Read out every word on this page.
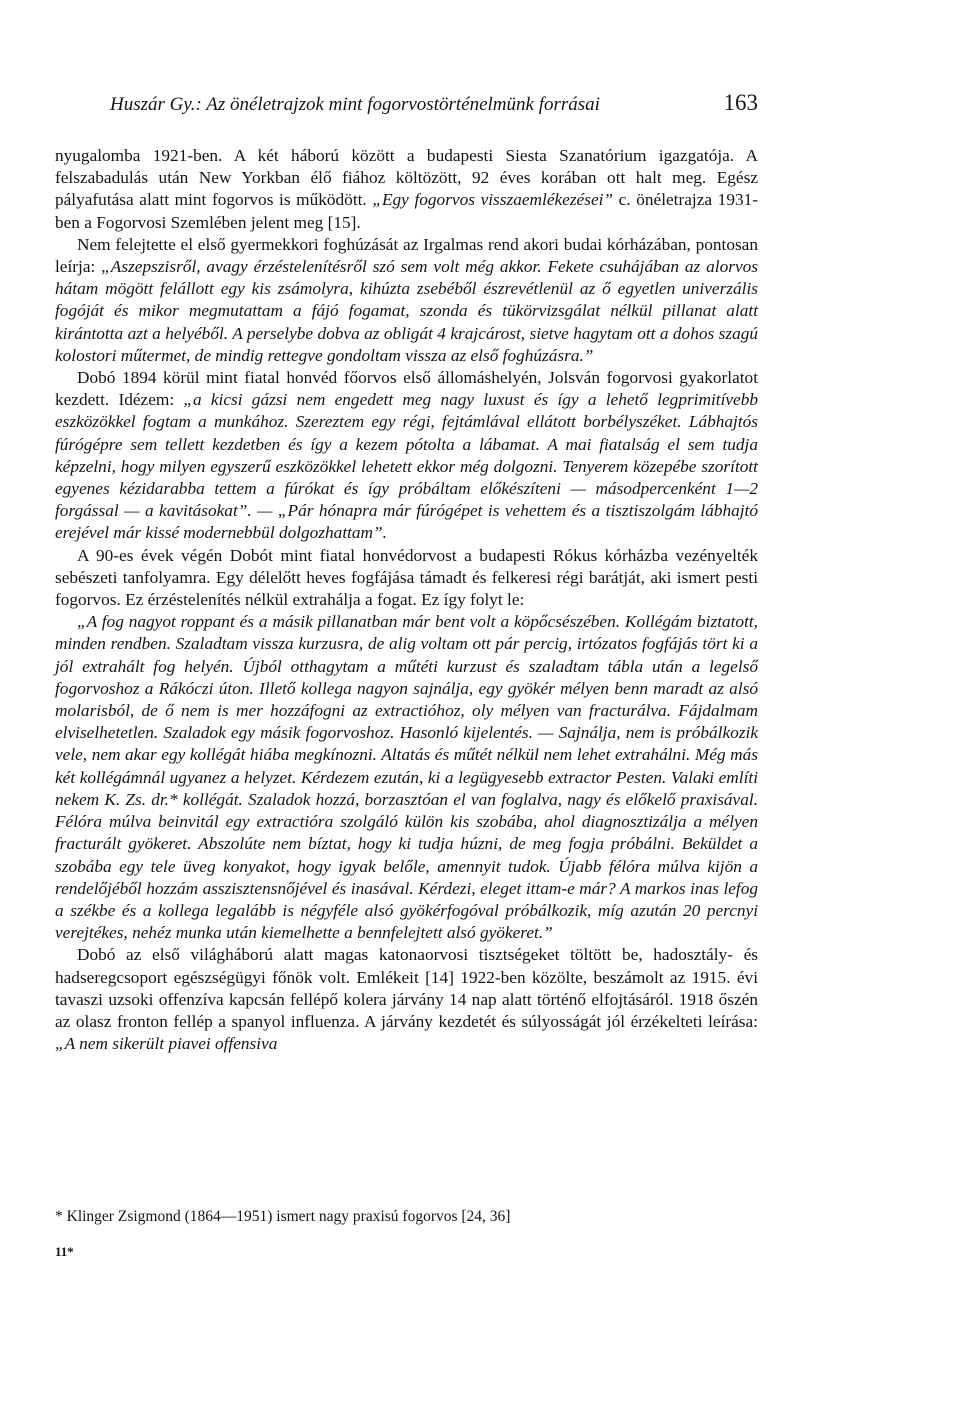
Huszár Gy.: Az önéletrajzok mint fogorvostörténelmünk forrásai	163

nyugalomba 1921-ben. A két háború között a budapesti Siesta Szanatórium igazgatója. A felszabadulás után New Yorkban élő fiához költözött, 92 éves korában ott halt meg. Egész pályafutása alatt mint fogorvos is működött. „Egy fogorvos visszaemlékezései” c. önéletrajza 1931-ben a Fogorvosi Szemlében jelent meg [15].

Nem felejtette el első gyermekkori foghúzását az Irgalmas rend akori budai kórházában, pontosan leírja: „Aszepszisről, avagy érzéstelenítésről szó sem volt még akkor. Fekete csuhájában az alorvos hátam mögött felállott egy kis zsámolyra, kihúzta zsebéből észrevétlenül az ő egyetlen univerzális fogóját és mikor megmutattam a fájó fogamat, szonda és tükörvizsgálat nélkül pillanat alatt kirántotta azt a helyéből. A perselybe dobva az obligát 4 krajcárost, sietve hagytam ott a dohos szagú kolostori műtermet, de mindig rettegve gondoltam vissza az első foghúzásra.”

Dobó 1894 körül mint fiatal honvéd főorvos első állomáshelyén, Jolsván fogorvosi gyakorlatot kezdett. Idézem: „a kicsi gázsi nem engedett meg nagy luxust és így a lehető legprimitívebb eszközökkel fogtam a munkához. Szereztem egy régi, fejtámlával ellátott borbélyszéket. Lábhajtós fúrógépre sem tellett kezdetben és így a kezem pótolta a lábamat. A mai fiatalság el sem tudja képzelni, hogy milyen egyszerű eszközökkel lehetett ekkor még dolgozni. Tenyerem közepébe szorított egyenes kézidarabba tettem a fúrókat és így próbáltam előkészíteni — másodpercenként 1—2 forgással — a kavitásokat”. — „Pár hónapra már fúrógépet is vehettem és a tisztiszolgám lábhajtó erejével már kissé modernebbül dolgozhattam”.

A 90-es évek végén Dobót mint fiatal honvédorvost a budapesti Rókus kórházba vezényelték sebészeti tanfolyamra. Egy délelőtt heves fogfájása támadt és felkeresi régi barátját, aki ismert pesti fogorvos. Ez érzéstelenítés nélkül extrahálja a fogat. Ez így folyt le:

„A fog nagyot roppant és a másik pillanatban már bent volt a köpőcsészében. Kollégám biztatott, minden rendben. Szaladtam vissza kurzusra, de alig voltam ott pár percig, irtózatos fogfájás tört ki a jól extrahált fog helyén. Újból otthagytam a műtéti kurzust és szaladtam tábla után a legelső fogorvoshoz a Rákóczi úton. Illető kollega nagyon sajnálja, egy gyökér mélyen benn maradt az alsó molarisból, de ő nem is mer hozzáfogni az extractióhoz, oly mélyen van fracturálva. Fájdalmam elviselhetetlen. Szaladok egy másik fogorvoshoz. Hasonló kijelentés. — Sajnálja, nem is próbálkozik vele, nem akar egy kollégát hiába megkínozni. Altatás és műtét nélkül nem lehet extrahálni. Még más két kollégámnál ugyanez a helyzet. Kérdezem ezután, ki a legügyesebb extractor Pesten. Valaki említi nekem K. Zs. dr.* kollégát. Szaladok hozzá, borzasztóan el van foglalva, nagy és előkelő praxisával. Félóra múlva beinvitál egy extractióra szolgáló külön kis szobába, ahol diagnosztizálja a mélyen fracturált gyökeret. Abszolúte nem bíztat, hogy ki tudja húzni, de meg fogja próbálni. Beküldet a szobába egy tele üveg konyakot, hogy igyak belőle, amennyit tudok. Újabb félóra múlva kijön a rendelőjéből hozzám asszisztensnőjével és inasával. Kérdezi, eleget ittam-e már? A markos inas lefog a székbe és a kollega legalább is négyféle alsó gyökérfogóval próbálkozik, míg azután 20 percnyi verejtékes, nehéz munka után kiemelhette a bennfelejtett alsó gyökeret.”

Dobó az első világháború alatt magas katonaorvosi tisztségeket töltött be, hadosztály- és hadseregcsoport egészségügyi főnök volt. Emlékeit [14] 1922-ben közölte, beszámolt az 1915. évi tavaszi uzsoki offenzíva kapcsán fellépő kolera járvány 14 nap alatt történő elfojtásáról. 1918 őszén az olasz fronton fellép a spanyol influenza. A járvány kezdetét és súlyosságát jól érzékelteti leírása: „A nem sikerült piavei offensiva

* Klinger Zsigmond (1864—1951) ismert nagy praxisú fogorvos [24, 36]
11*
